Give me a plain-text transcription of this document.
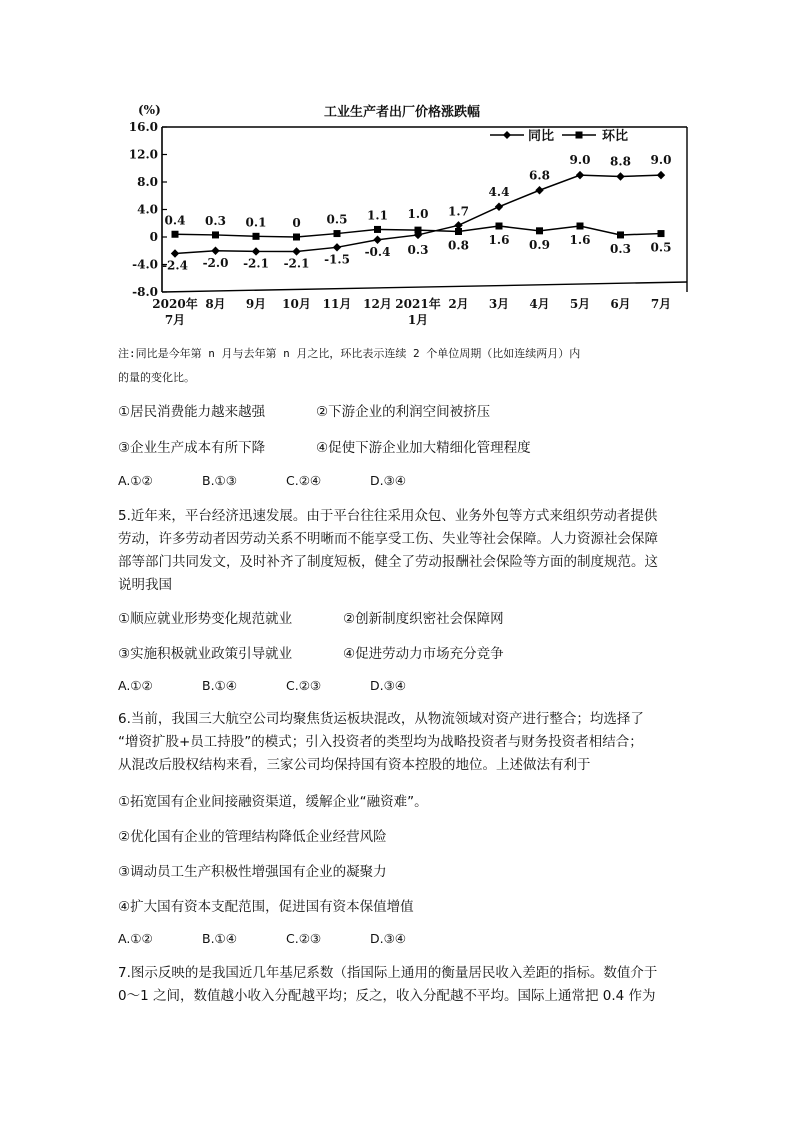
16.0
12.0
8.0
4.0
0
-4.0
-8.0
(%)	工业生产者出厂价格涨跌幅
2020年
7月
8月 9月 10月 11月 12月 2021年
1月
2月 3月 4月 5月 6月 7月
-2.4 -2.0 -2.1 -2.1 -1.5
-0.4 0.3
1.7
4.4
6.8
9.0 8.8 9.0
0.4 0.3 0.1 0 0.5 1.1 1.0
0.8 1.6 0.9 1.6
0.3 0.5
同比	环比
注:同比是今年第 n 月与去年第 n 月之比，环比表示连续 2 个单位周期（比如连续两月）内
的量的变化比。
①居民消费能力越来越强	②下游企业的利润空间被挤压
③企业生产成本有所下降	④促使下游企业加大精细化管理程度
A.①②	B.①③	C.②④	D.③④
5.近年来，平台经济迅速发展。由于平台往往采用众包、业务外包等方式来组织劳动者提供
劳动，许多劳动者因劳动关系不明晰而不能享受工伤、失业等社会保障。人力资源社会保障
部等部门共同发文，及时补齐了制度短板，健全了劳动报酬社会保险等方面的制度规范。这
说明我国
①顺应就业形势变化规范就业	②创新制度织密社会保障网
③实施积极就业政策引导就业	④促进劳动力市场充分竞争
A.①②	B.①④	C.②③	D.③④
6.当前，我国三大航空公司均聚焦货运板块混改，从物流领域对资产进行整合；均选择了
“增资扩股+员工持股”的模式；引入投资者的类型均为战略投资者与财务投资者相结合；
从混改后股权结构来看，三家公司均保持国有资本控股的地位。上述做法有利于
①拓宽国有企业间接融资渠道，缓解企业“融资难”。
②优化国有企业的管理结构降低企业经营风险
③调动员工生产积极性增强国有企业的凝聚力
④扩大国有资本支配范围，促进国有资本保值增值
A.①②	B.①④	C.②③	D.③④
7.图示反映的是我国近几年基尼系数（指国际上通用的衡量居民收入差距的指标。数值介于
0～1 之间，数值越小收入分配越平均；反之，收入分配越不平均。国际上通常把 0.4 作为
